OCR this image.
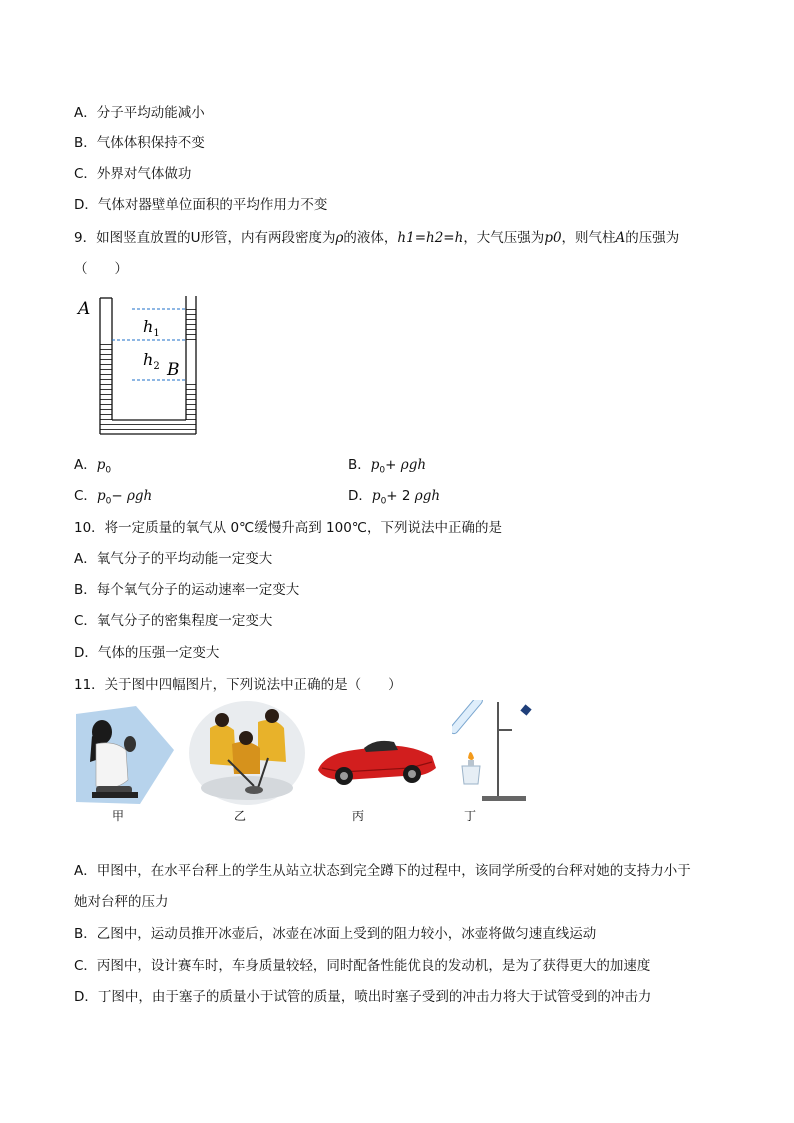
A．分子平均动能减小
B．气体体积保持不变
C．外界对气体做功
D．气体对器壁单位面积的平均作用力不变
9．如图竖直放置的U形管，内有两段密度为ρ的液体，h1=h2=h，大气压强为p0，则气柱A的压强为
（　　）
A
$h_1$
$h_2$ B
A．$p_0$	B．$p_0+ \rho gh$
C．$p_0- \rho gh$	D．$p_0+ 2$ ρgh
10．将一定质量的氧气从 0℃缓慢升高到 100℃，下列说法中正确的是
A．氧气分子的平均动能一定变大
B．每个氧气分子的运动速率一定变大
C．氧气分子的密集程度一定变大
D．气体的压强一定变大
11．关于图中四幅图片，下列说法中正确的是（　　）
甲	乙	丙	丁
A．甲图中，在水平台秤上的学生从站立状态到完全蹲下的过程中，该同学所受的台秤对她的支持力小于
她对台秤的压力
B．乙图中，运动员推开冰壶后，冰壶在冰面上受到的阻力较小，冰壶将做匀速直线运动
C．丙图中，设计赛车时，车身质量较轻，同时配备性能优良的发动机，是为了获得更大的加速度
D．丁图中，由于塞子的质量小于试管的质量，喷出时塞子受到的冲击力将大于试管受到的冲击力
